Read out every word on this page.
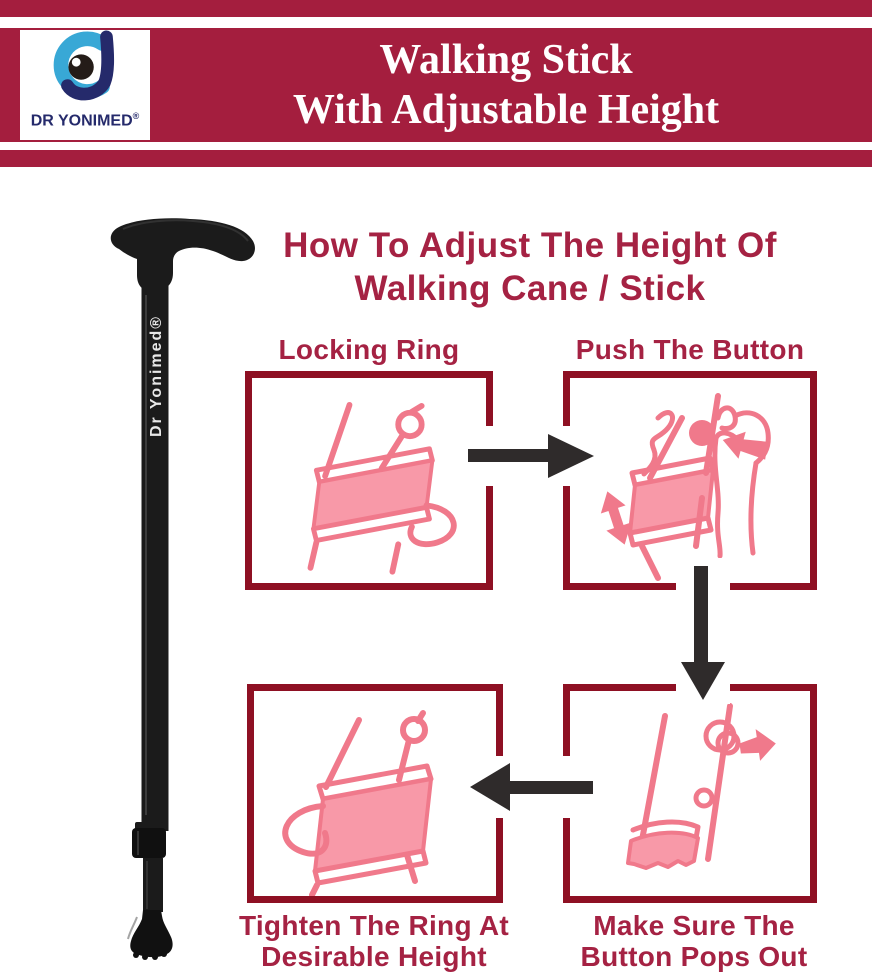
DR YONIMED®
Walking Stick
With Adjustable Height
Dr Yonimed®
How To Adjust The Height Of
Walking Cane / Stick
Locking Ring	Push The Button
Tighten The Ring At
Desirable Height
Make Sure The
Button Pops Out
